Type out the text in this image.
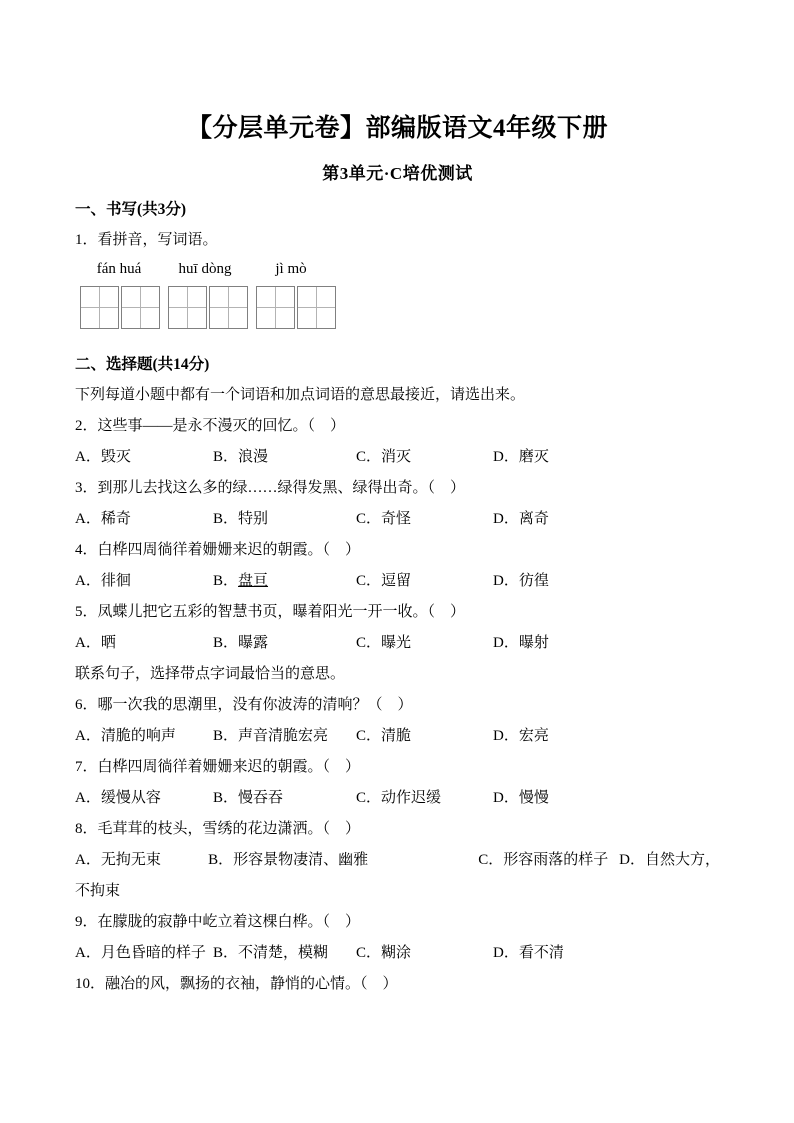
【分层单元卷】部编版语文4年级下册

第3单元·C培优测试

一、书写(共3分)

1．看拼音，写词语。

fán huá	huī dòng	jì mò

二、选择题(共14分)

下列每道小题中都有一个词语和加点词语的意思最接近，请选出来。

2．这些事——是永不漫灭的回忆。（　）

A．毁灭	B．浪漫	C．消灭	D．磨灭

3．到那儿去找这么多的绿……绿得发黑、绿得出奇。（　）

A．稀奇	B．特别	C．奇怪	D．离奇

4．白桦四周徜徉着姗姗来迟的朝霞。（　）

A．徘徊	B．盘亘	C．逗留	D．彷徨

5．凤蝶儿把它五彩的智慧书页，曝着阳光一开一收。（　）

A．晒	B．曝露	C．曝光	D．曝射

联系句子，选择带点字词最恰当的意思。

6．哪一次我的思潮里，没有你波涛的清响？（　）

A．清脆的响声	B．声音清脆宏亮	C．清脆	D．宏亮

7．白桦四周徜徉着姗姗来迟的朝霞。（　）

A．缓慢从容	B．慢吞吞	C．动作迟缓	D．慢慢

8．毛茸茸的枝头，雪绣的花边潇洒。（　）

A．无拘无束	B．形容景物凄清、幽雅	C．形容雨落的样子 D．自然大方，

不拘束

9．在朦胧的寂静中屹立着这棵白桦。（　）

A．月色昏暗的样子 B．不清楚，模糊	C．糊涂	D．看不清

10．融冶的风，飘扬的衣袖，静悄的心情。（　）
